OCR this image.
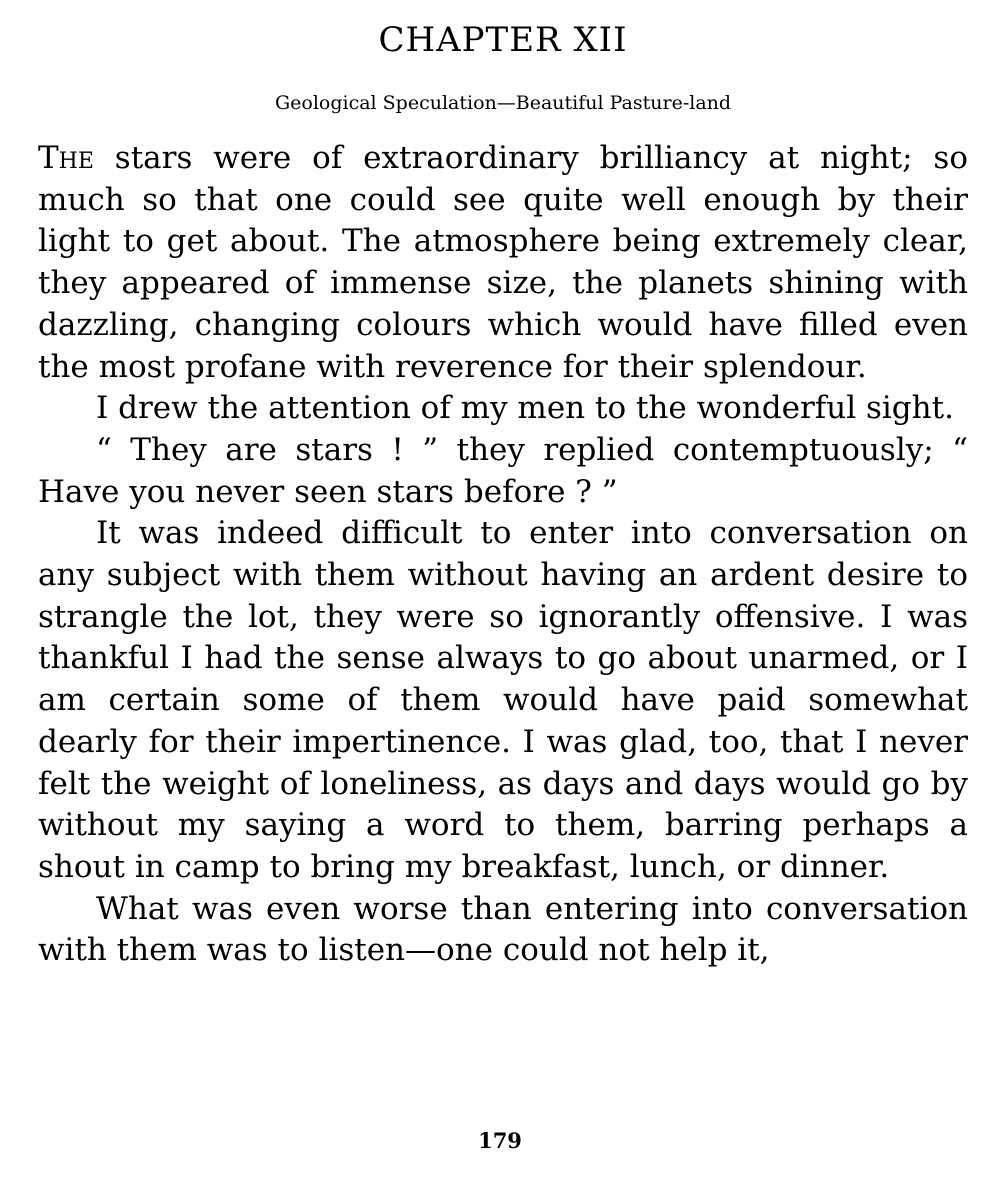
CHAPTER XII
Geological Speculation—Beautiful Pasture-land

The stars were of extraordinary brilliancy at night; so much so that one could see quite well enough by their light to get about. The atmosphere being extremely clear, they appeared of immense size, the planets shining with dazzling, changing colours which would have filled even the most profane with reverence for their splendour.

I drew the attention of my men to the wonderful sight.

“ They are stars ! ” they replied contemptuously; “ Have you never seen stars before ? ”

It was indeed difficult to enter into conversation on any subject with them without having an ardent desire to strangle the lot, they were so ignorantly offensive. I was thankful I had the sense always to go about unarmed, or I am certain some of them would have paid somewhat dearly for their impertinence. I was glad, too, that I never felt the weight of loneliness, as days and days would go by without my saying a word to them, barring perhaps a shout in camp to bring my breakfast, lunch, or dinner.

What was even worse than entering into conversation with them was to listen—one could not help it,

179
